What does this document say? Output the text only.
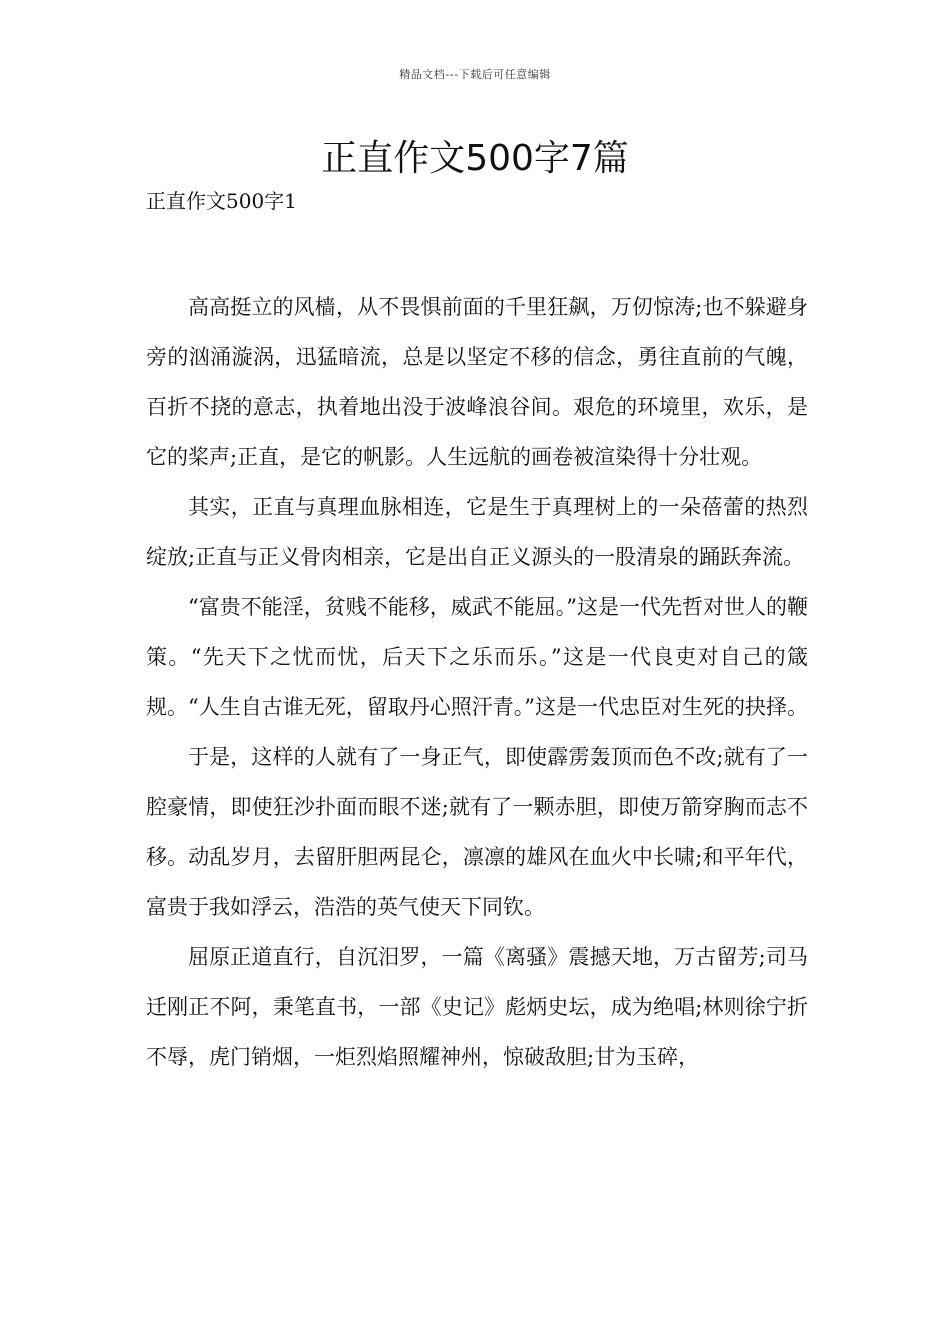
精品文档---下载后可任意编辑
正直作文500字7篇
正直作文500字1

高高挺立的风樯，从不畏惧前面的千里狂飙，万仞惊涛;也不躲避身旁的汹涌漩涡，迅猛暗流，总是以坚定不移的信念，勇往直前的气魄，百折不挠的意志，执着地出没于波峰浪谷间。艰危的环境里，欢乐，是它的桨声;正直，是它的帆影。人生远航的画卷被渲染得十分壮观。

其实，正直与真理血脉相连，它是生于真理树上的一朵蓓蕾的热烈绽放;正直与正义骨肉相亲，它是出自正义源头的一股清泉的踊跃奔流。

“富贵不能淫，贫贱不能移，威武不能屈。”这是一代先哲对世人的鞭策。“先天下之忧而忧，后天下之乐而乐。”这是一代良吏对自己的箴规。“人生自古谁无死，留取丹心照汗青。”这是一代忠臣对生死的抉择。

于是，这样的人就有了一身正气，即使霹雳轰顶而色不改;就有了一腔豪情，即使狂沙扑面而眼不迷;就有了一颗赤胆，即使万箭穿胸而志不移。动乱岁月，去留肝胆两昆仑，凛凛的雄风在血火中长啸;和平年代，富贵于我如浮云，浩浩的英气使天下同钦。

屈原正道直行，自沉汨罗，一篇《离骚》震撼天地，万古留芳;司马迁刚正不阿，秉笔直书，一部《史记》彪炳史坛，成为绝唱;林则徐宁折不辱，虎门销烟，一炬烈焰照耀神州，惊破敌胆;甘为玉碎，
